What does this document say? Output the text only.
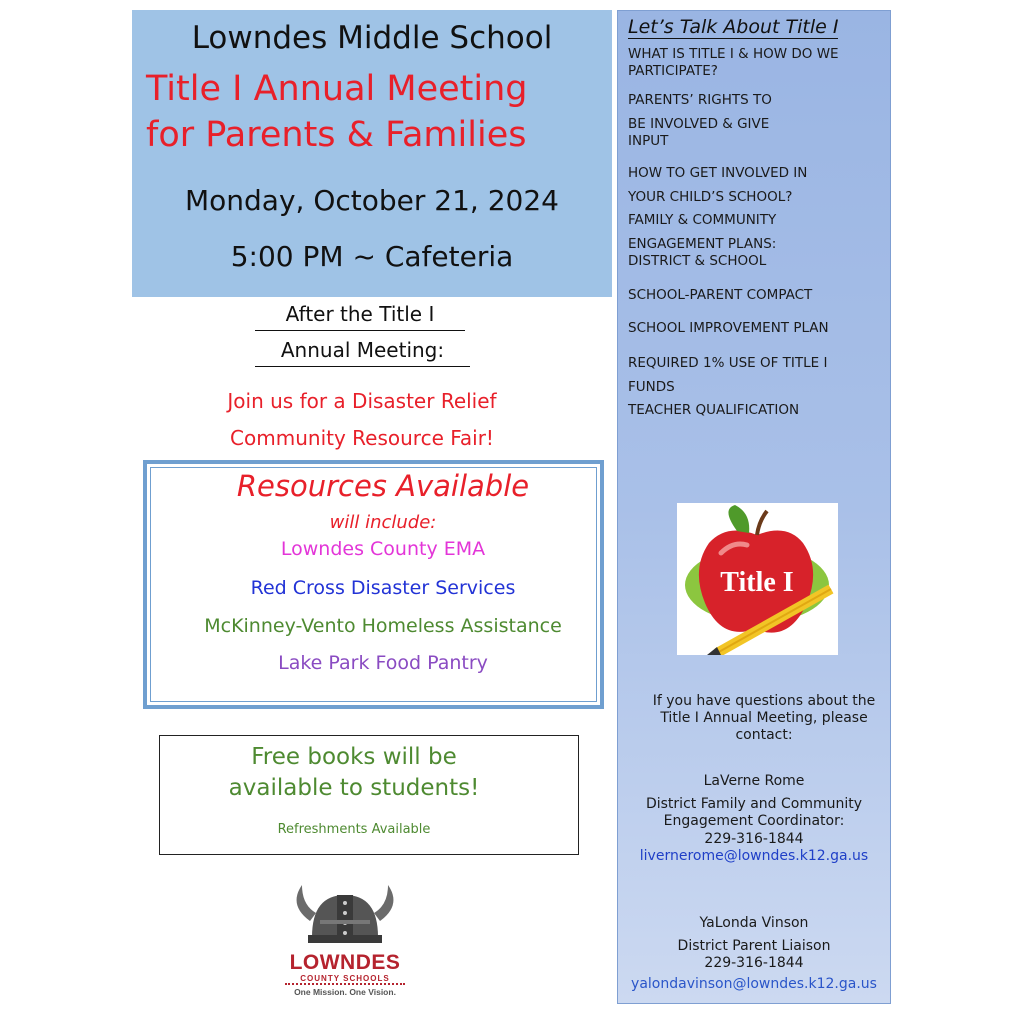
Lowndes Middle School
Title I Annual Meeting
for Parents & Families
Monday, October 21, 2024
5:00 PM ~ Cafeteria
After the Title I
Annual Meeting:
Join us for a Disaster Relief
Community Resource Fair!
Resources Available
will include:
Lowndes County EMA
Red Cross Disaster Services
McKinney-Vento Homeless Assistance
Lake Park Food Pantry
Free books will be
available to students!
Refreshments Available
LOWNDES
COUNTY SCHOOLS
One Mission. One Vision.
Let’s Talk About Title I
WHAT IS TITLE I & HOW DO WE
PARTICIPATE?
PARENTS’ RIGHTS TO
BE INVOLVED & GIVE
INPUT
HOW TO GET INVOLVED IN
YOUR CHILD’S SCHOOL?
FAMILY & COMMUNITY
ENGAGEMENT PLANS:
DISTRICT & SCHOOL
SCHOOL-PARENT COMPACT
SCHOOL IMPROVEMENT PLAN
REQUIRED 1% USE OF TITLE I
FUNDS
TEACHER QUALIFICATION
Title I
If you have questions about the
Title I Annual Meeting, please
contact:
LaVerne Rome
District Family and Community
Engagement Coordinator:
229-316-1844
livernerome@lowndes.k12.ga.us
YaLonda Vinson
District Parent Liaison
229-316-1844
yalondavinson@lowndes.k12.ga.us
